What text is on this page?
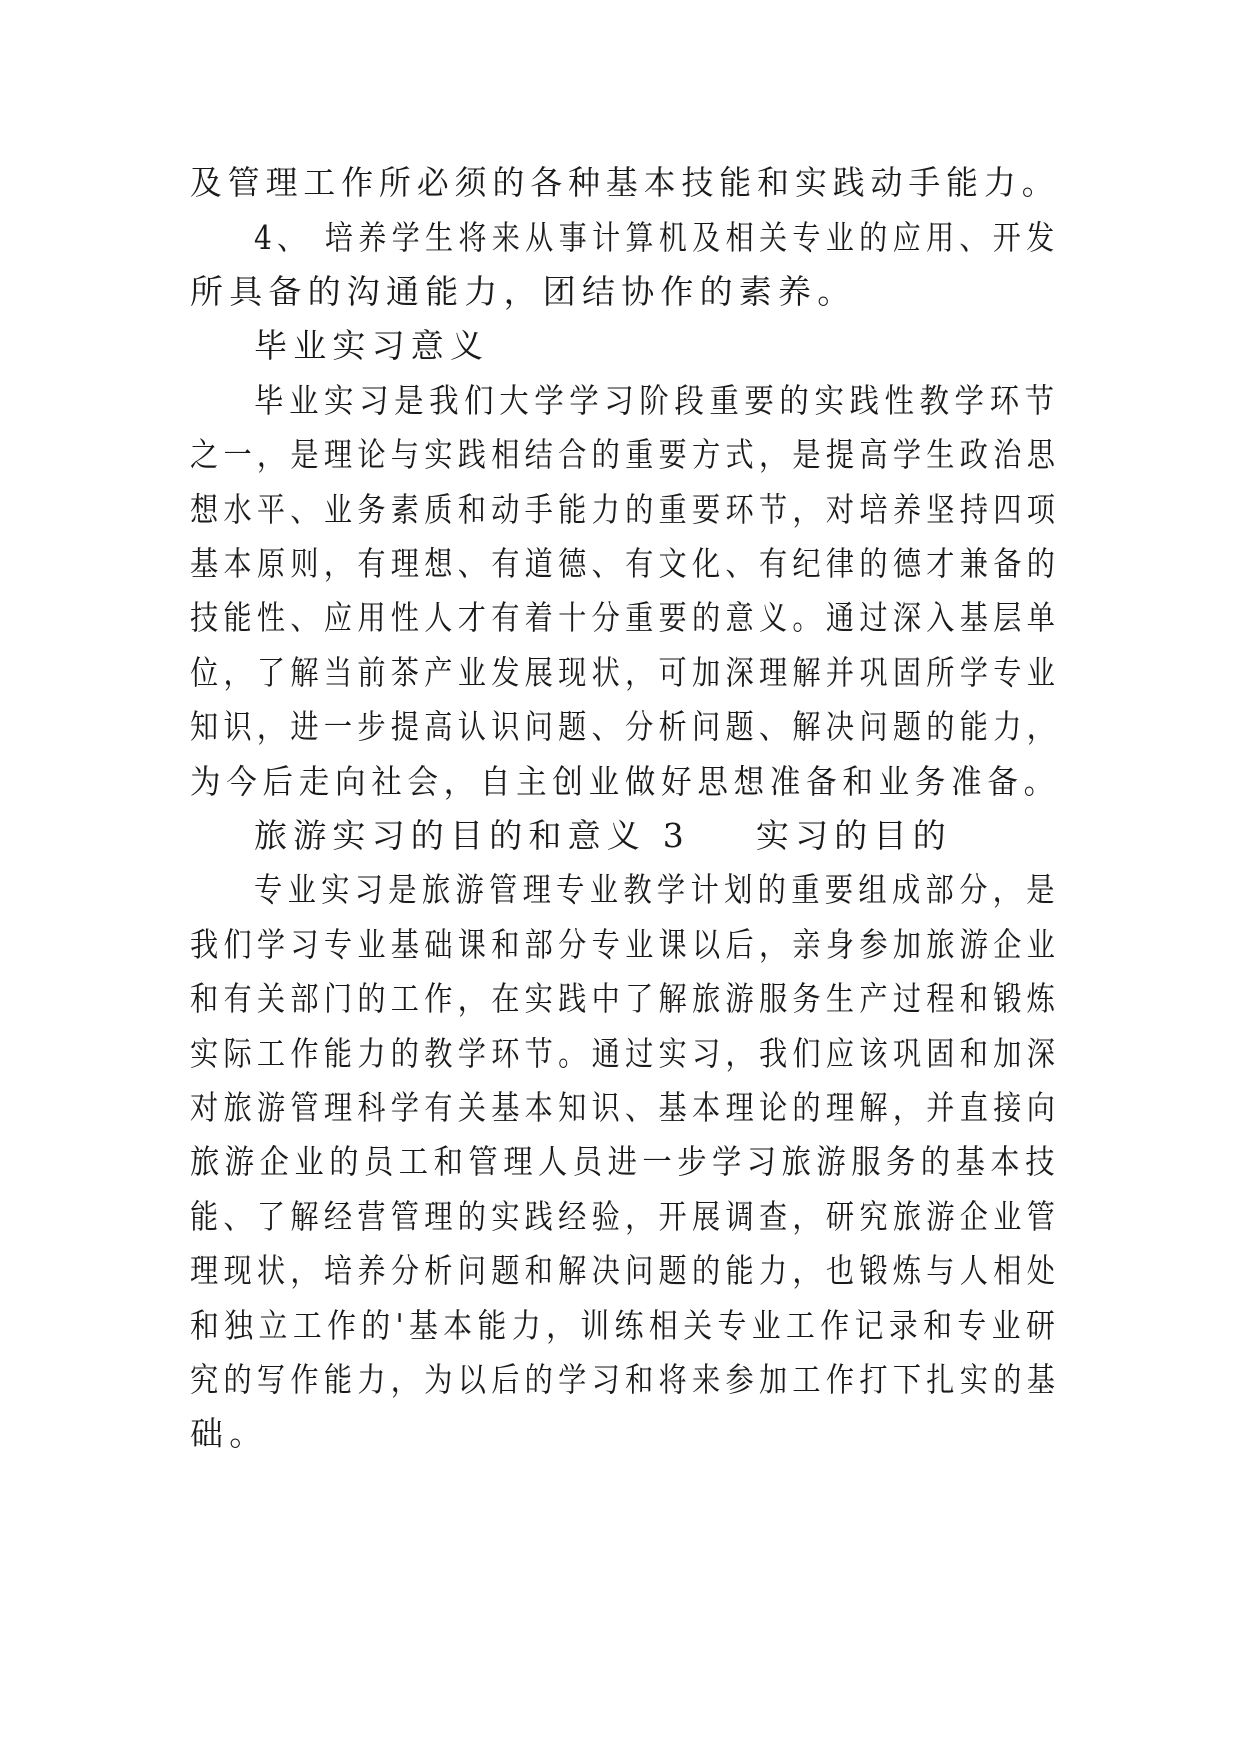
及管理工作所必须的各种基本技能和实践动手能力。
4、 培养学生将来从事计算机及相关专业的应用、开发
所具备的沟通能力，团结协作的素养。
毕业实习意义
毕业实习是我们大学学习阶段重要的实践性教学环节
之一，是理论与实践相结合的重要方式，是提高学生政治思
想水平、业务素质和动手能力的重要环节，对培养坚持四项
基本原则，有理想、有道德、有文化、有纪律的德才兼备的
技能性、应用性人才有着十分重要的意义。通过深入基层单
位，了解当前茶产业发展现状，可加深理解并巩固所学专业
知识，进一步提高认识问题、分析问题、解决问题的能力，
为今后走向社会，自主创业做好思想准备和业务准备。
旅游实习的目的和意义 3 实习的目的
专业实习是旅游管理专业教学计划的重要组成部分，是
我们学习专业基础课和部分专业课以后，亲身参加旅游企业
和有关部门的工作，在实践中了解旅游服务生产过程和锻炼
实际工作能力的教学环节。通过实习，我们应该巩固和加深
对旅游管理科学有关基本知识、基本理论的理解，并直接向
旅游企业的员工和管理人员进一步学习旅游服务的基本技
能、了解经营管理的实践经验，开展调查，研究旅游企业管
理现状，培养分析问题和解决问题的能力，也锻炼与人相处
和独立工作的'基本能力，训练相关专业工作记录和专业研
究的写作能力，为以后的学习和将来参加工作打下扎实的基
础。
